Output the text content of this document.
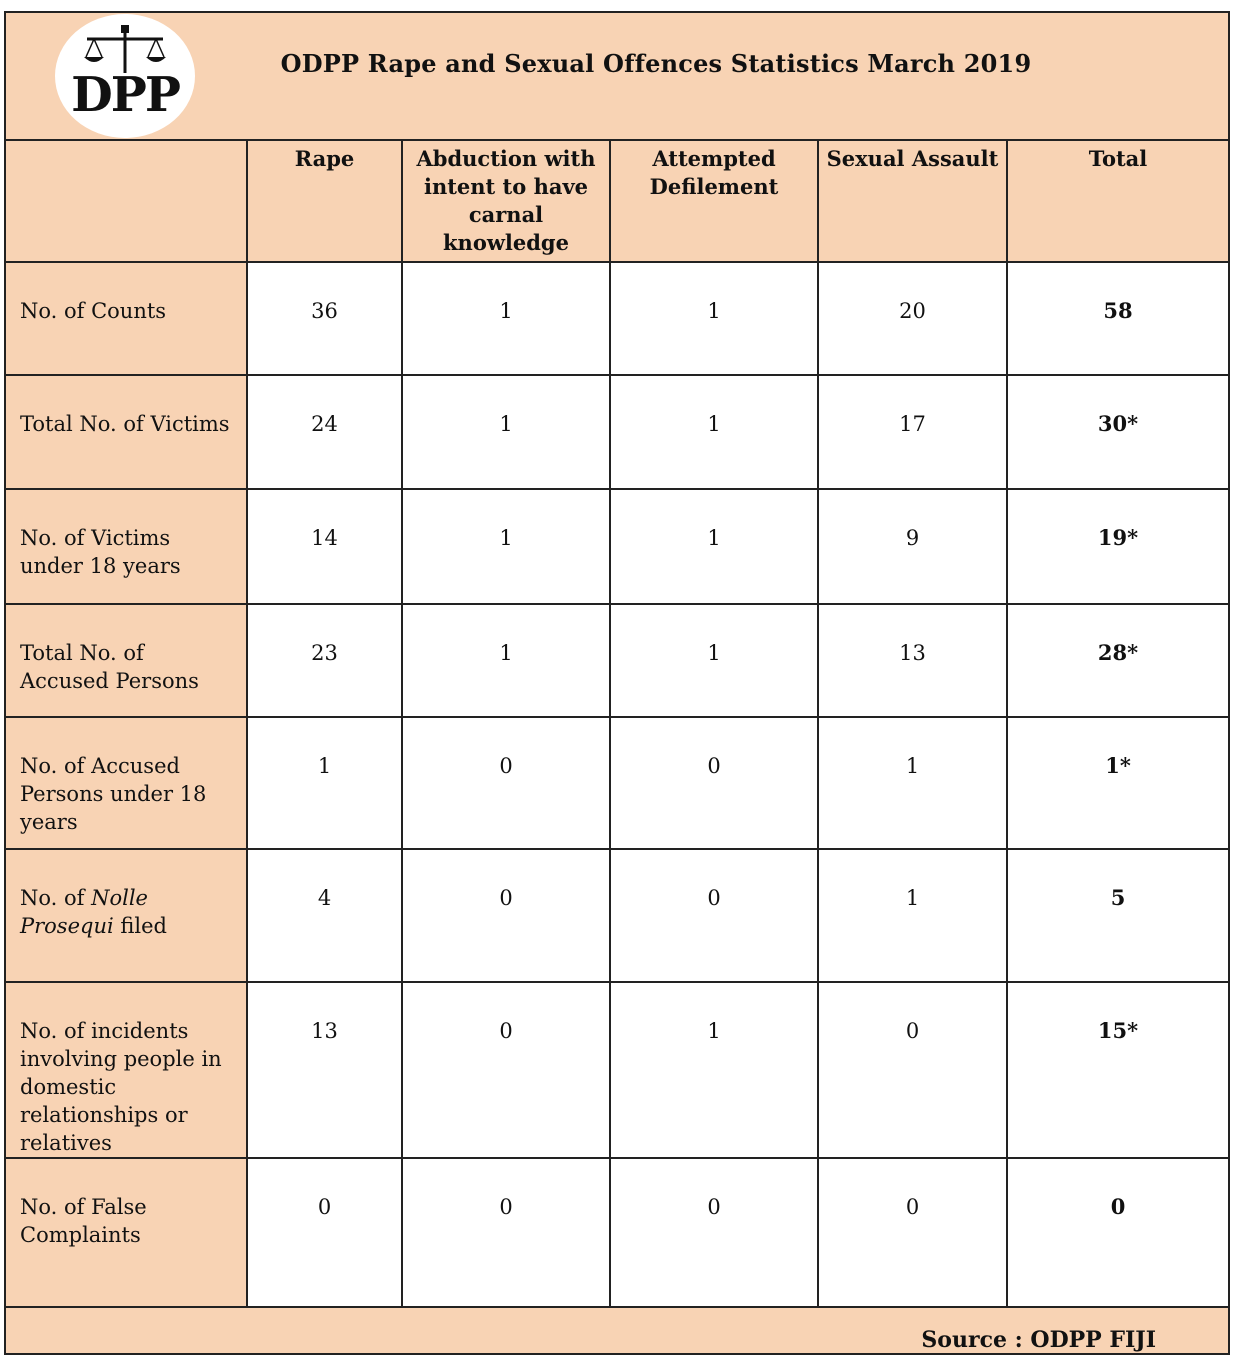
DPP
ODPP Rape and Sexual Offences Statistics March 2019
	Rape	Abduction with intent to have carnal knowledge	Attempted Defilement	Sexual Assault	Total
No. of Counts	36	1	1	20	58
Total No. of Victims	24	1	1	17	30*
No. of Victims under 18 years	14	1	1	9	19*
Total No. of Accused Persons	23	1	1	13	28*
No. of Accused Persons under 18 years	1	0	0	1	1*
No. of Nolle Prosequi filed	4	0	0	1	5
No. of incidents involving people in domestic relationships or relatives	13	0	1	0	15*
No. of False Complaints	0	0	0	0	0
Source : ODPP FIJI
